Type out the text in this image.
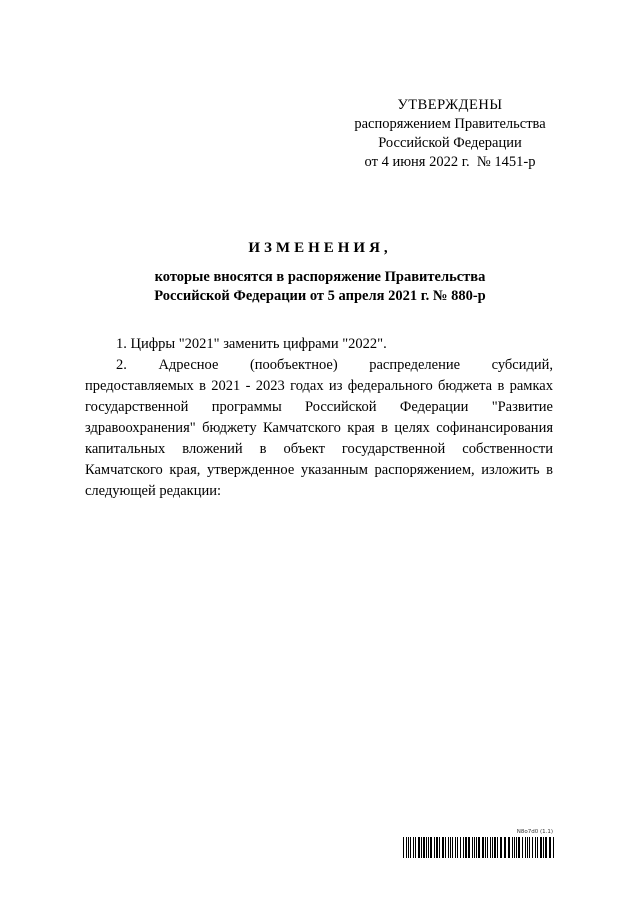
УТВЕРЖДЕНЫ
распоряжением Правительства
Российской Федерации
от 4 июня 2022 г.  № 1451-р
ИЗМЕНЕНИЯ,
которые вносятся в распоряжение Правительства
Российской Федерации от 5 апреля 2021 г. № 880-р

1. Цифры "2021" заменить цифрами "2022".

2. Адресное (пообъектное) распределение субсидий, предоставляемых в 2021 - 2023 годах из федерального бюджета в рамках государственной программы Российской Федерации "Развитие здравоохранения" бюджету Камчатского края в целях софинансирования капитальных вложений в объект государственной собственности Камчатского края, утвержденное указанным распоряжением, изложить в следующей редакции:

N8o7d0 (1.1)
